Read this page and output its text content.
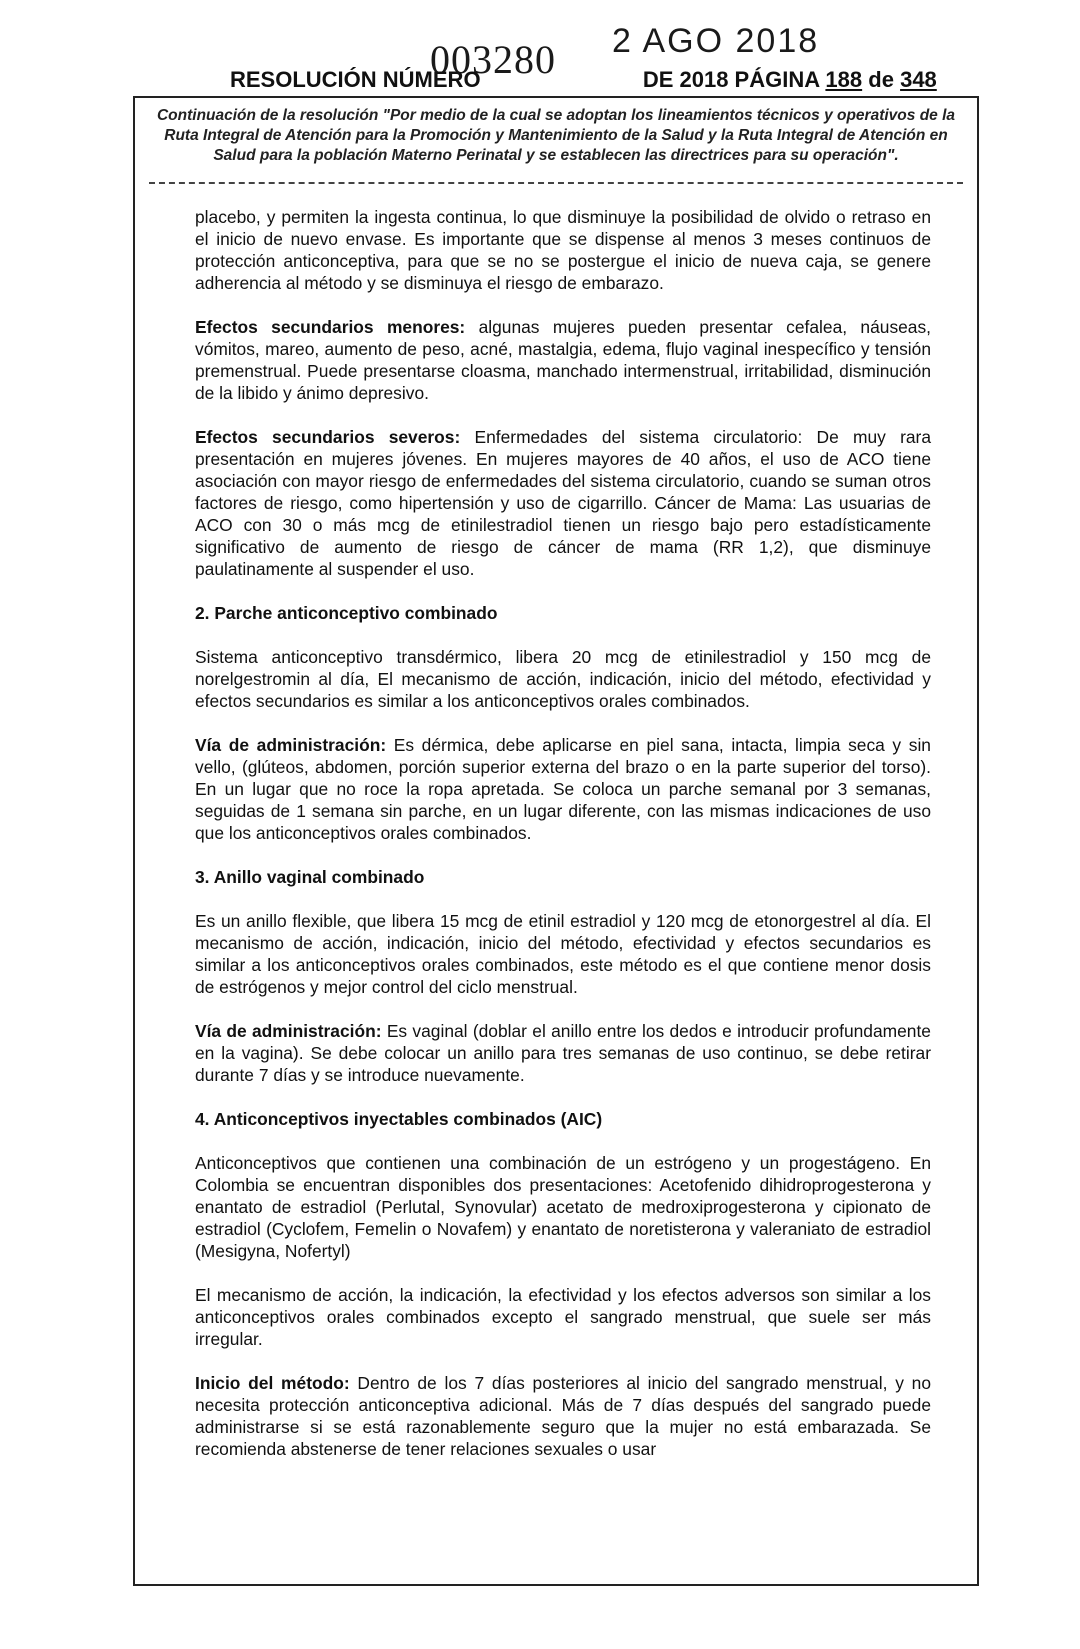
2 AGO 2018
003280
RESOLUCIÓN NÚMERO	DE 2018 PÁGINA 188 de 348
Continuación de la resolución "Por medio de la cual se adoptan los lineamientos técnicos y operativos de la Ruta Integral de Atención para la Promoción y Mantenimiento de la Salud y la Ruta Integral de Atención en Salud para la población Materno Perinatal y se establecen las directrices para su operación".

placebo, y permiten la ingesta continua, lo que disminuye la posibilidad de olvido o retraso en el inicio de nuevo envase. Es importante que se dispense al menos 3 meses continuos de protección anticonceptiva, para que se no se postergue el inicio de nueva caja, se genere adherencia al método y se disminuya el riesgo de embarazo.

Efectos secundarios menores: algunas mujeres pueden presentar cefalea, náuseas, vómitos, mareo, aumento de peso, acné, mastalgia, edema, flujo vaginal inespecífico y tensión premenstrual. Puede presentarse cloasma, manchado intermenstrual, irritabilidad, disminución de la libido y ánimo depresivo.

Efectos secundarios severos: Enfermedades del sistema circulatorio: De muy rara presentación en mujeres jóvenes. En mujeres mayores de 40 años, el uso de ACO tiene asociación con mayor riesgo de enfermedades del sistema circulatorio, cuando se suman otros factores de riesgo, como hipertensión y uso de cigarrillo. Cáncer de Mama: Las usuarias de ACO con 30 o más mcg de etinilestradiol tienen un riesgo bajo pero estadísticamente significativo de aumento de riesgo de cáncer de mama (RR 1,2), que disminuye paulatinamente al suspender el uso.

2. Parche anticonceptivo combinado

Sistema anticonceptivo transdérmico, libera 20 mcg de etinilestradiol y 150 mcg de norelgestromin al día, El mecanismo de acción, indicación, inicio del método, efectividad y efectos secundarios es similar a los anticonceptivos orales combinados.

Vía de administración: Es dérmica, debe aplicarse en piel sana, intacta, limpia seca y sin vello, (glúteos, abdomen, porción superior externa del brazo o en la parte superior del torso). En un lugar que no roce la ropa apretada. Se coloca un parche semanal por 3 semanas, seguidas de 1 semana sin parche, en un lugar diferente, con las mismas indicaciones de uso que los anticonceptivos orales combinados.

3. Anillo vaginal combinado

Es un anillo flexible, que libera 15 mcg de etinil estradiol y 120 mcg de etonorgestrel al día. El mecanismo de acción, indicación, inicio del método, efectividad y efectos secundarios es similar a los anticonceptivos orales combinados, este método es el que contiene menor dosis de estrógenos y mejor control del ciclo menstrual.

Vía de administración: Es vaginal (doblar el anillo entre los dedos e introducir profundamente en la vagina). Se debe colocar un anillo para tres semanas de uso continuo, se debe retirar durante 7 días y se introduce nuevamente.

4. Anticonceptivos inyectables combinados (AIC)

Anticonceptivos que contienen una combinación de un estrógeno y un progestágeno. En Colombia se encuentran disponibles dos presentaciones: Acetofenido dihidroprogesterona y enantato de estradiol (Perlutal, Synovular) acetato de medroxiprogesterona y cipionato de estradiol (Cyclofem, Femelin o Novafem) y enantato de noretisterona y valeraniato de estradiol (Mesigyna, Nofertyl)

El mecanismo de acción, la indicación, la efectividad y los efectos adversos son similar a los anticonceptivos orales combinados excepto el sangrado menstrual, que suele ser más irregular.

Inicio del método: Dentro de los 7 días posteriores al inicio del sangrado menstrual, y no necesita protección anticonceptiva adicional. Más de 7 días después del sangrado puede administrarse si se está razonablemente seguro que la mujer no está embarazada. Se recomienda abstenerse de tener relaciones sexuales o usar
